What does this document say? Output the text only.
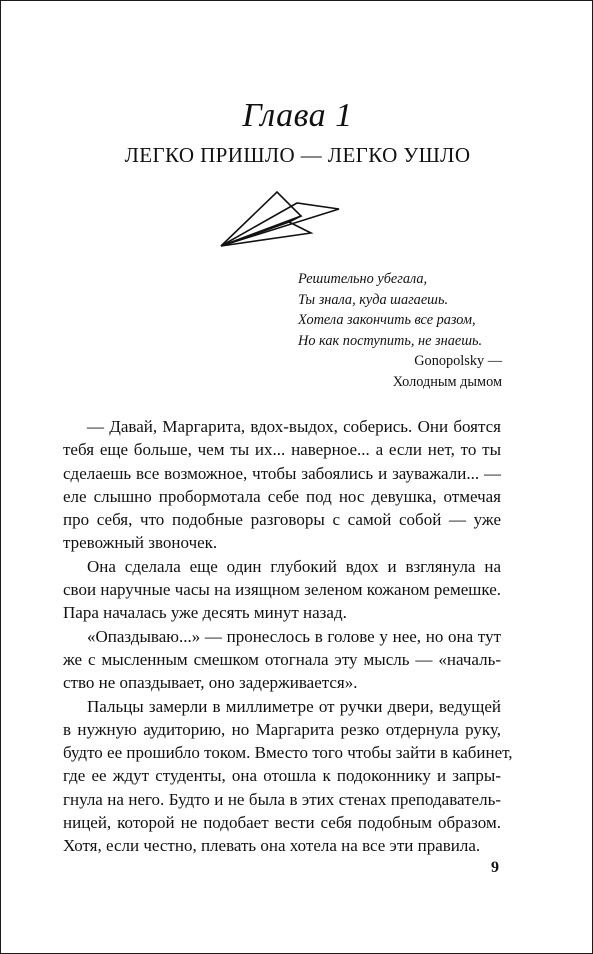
Глава 1
ЛЕГКО ПРИШЛО — ЛЕГКО УШЛО
Решительно убегала,
Ты знала, куда шагаешь.
Хотела закончить все разом,
Но как поступить, не знаешь.
Gonopolsky —
Холодным дымом
— Давай, Маргарита, вдох-выдох, соберись. Они боятся
тебя еще больше, чем ты их... наверное... а если нет, то ты
сделаешь все возможное, чтобы забоялись и зауважали... —
еле слышно пробормотала себе под нос девушка, отмечая
про себя, что подобные разговоры с самой собой — уже
тревожный звоночек.
Она сделала еще один глубокий вдох и взглянула на
свои наручные часы на изящном зеленом кожаном ремешке.
Пара началась уже десять минут назад.
«Опаздываю...» — пронеслось в голове у нее, но она тут
же с мысленным смешком отогнала эту мысль — «началь-
ство не опаздывает, оно задерживается».
Пальцы замерли в миллиметре от ручки двери, ведущей
в нужную аудиторию, но Маргарита резко отдернула руку,
будто ее прошибло током. Вместо того чтобы зайти в кабинет,
где ее ждут студенты, она отошла к подоконнику и запры-
гнула на него. Будто и не была в этих стенах преподаватель-
ницей, которой не подобает вести себя подобным образом.
Хотя, если честно, плевать она хотела на все эти правила.
9
